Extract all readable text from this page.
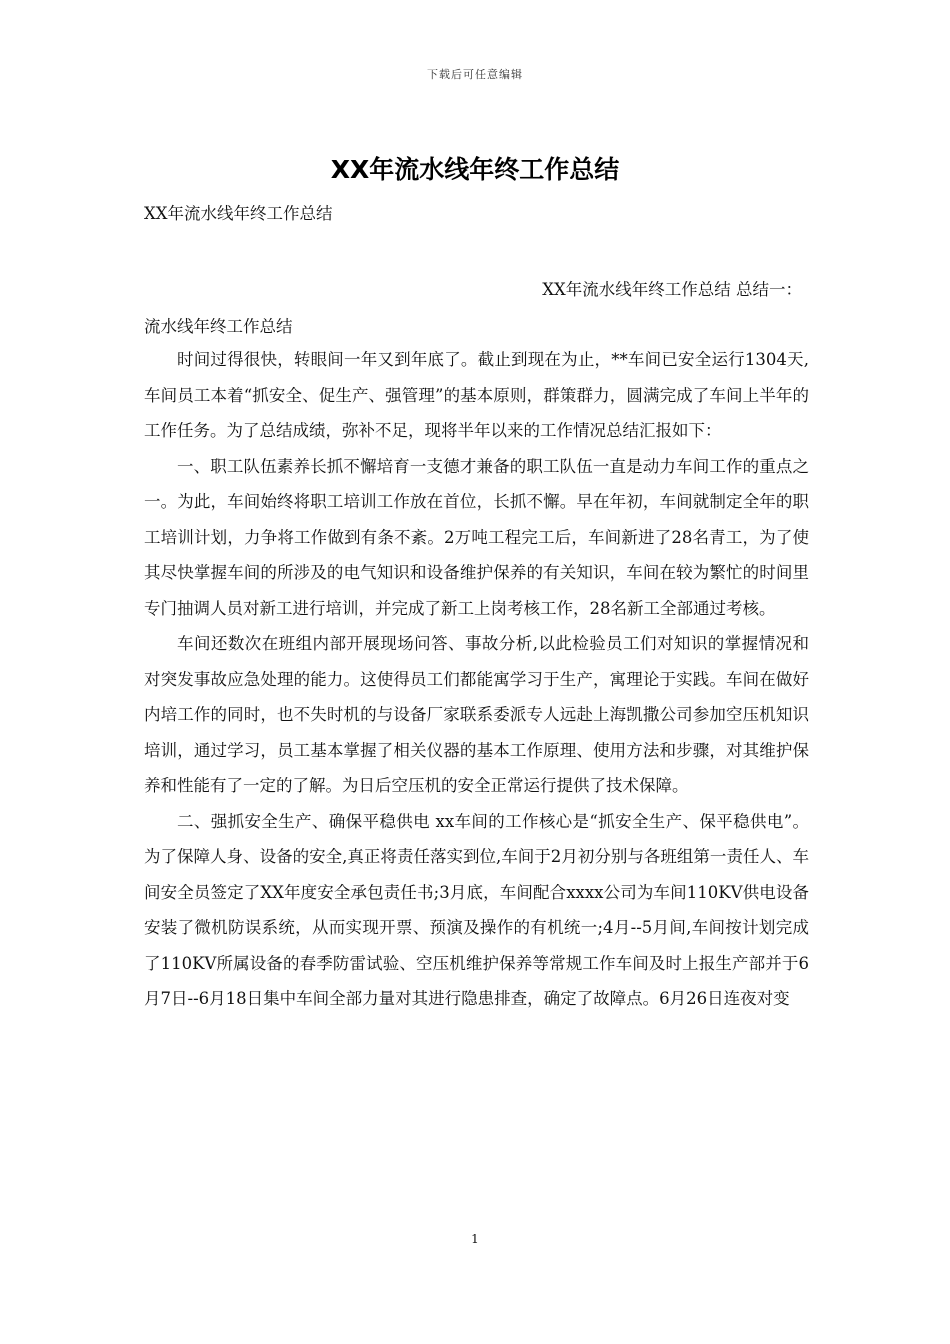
下载后可任意编辑
XX年流水线年终工作总结
XX年流水线年终工作总结
XX年流水线年终工作总结 总结一：
流水线年终工作总结

时间过得很快，转眼间一年又到年底了。截止到现在为止，**车间已安全运行1304天,车间员工本着“抓安全、促生产、强管理”的基本原则，群策群力，圆满完成了车间上半年的工作任务。为了总结成绩，弥补不足，现将半年以来的工作情况总结汇报如下：

一、职工队伍素养长抓不懈培育一支德才兼备的职工队伍一直是动力车间工作的重点之一。为此，车间始终将职工培训工作放在首位，长抓不懈。早在年初，车间就制定全年的职工培训计划，力争将工作做到有条不紊。2万吨工程完工后，车间新进了28名青工，为了使其尽快掌握车间的所涉及的电气知识和设备维护保养的有关知识，车间在较为繁忙的时间里专门抽调人员对新工进行培训，并完成了新工上岗考核工作，28名新工全部通过考核。

车间还数次在班组内部开展现场问答、事故分析,以此检验员工们对知识的掌握情况和对突发事故应急处理的能力。这使得员工们都能寓学习于生产，寓理论于实践。车间在做好内培工作的同时，也不失时机的与设备厂家联系委派专人远赴上海凯撒公司参加空压机知识培训，通过学习，员工基本掌握了相关仪器的基本工作原理、使用方法和步骤，对其维护保养和性能有了一定的了解。为日后空压机的安全正常运行提供了技术保障。

二、强抓安全生产、确保平稳供电 xx车间的工作核心是“抓安全生产、保平稳供电”。为了保障人身、设备的安全,真正将责任落实到位,车间于2月初分别与各班组第一责任人、车间安全员签定了XX年度安全承包责任书;3月底，车间配合xxxx公司为车间110KV供电设备安装了微机防误系统，从而实现开票、预演及操作的有机统一;4月--5月间,车间按计划完成了110KV所属设备的春季防雷试验、空压机维护保养等常规工作车间及时上报生产部并于6月7日--6月18日集中车间全部力量对其进行隐患排查，确定了故障点。6月26日连夜对变

1
